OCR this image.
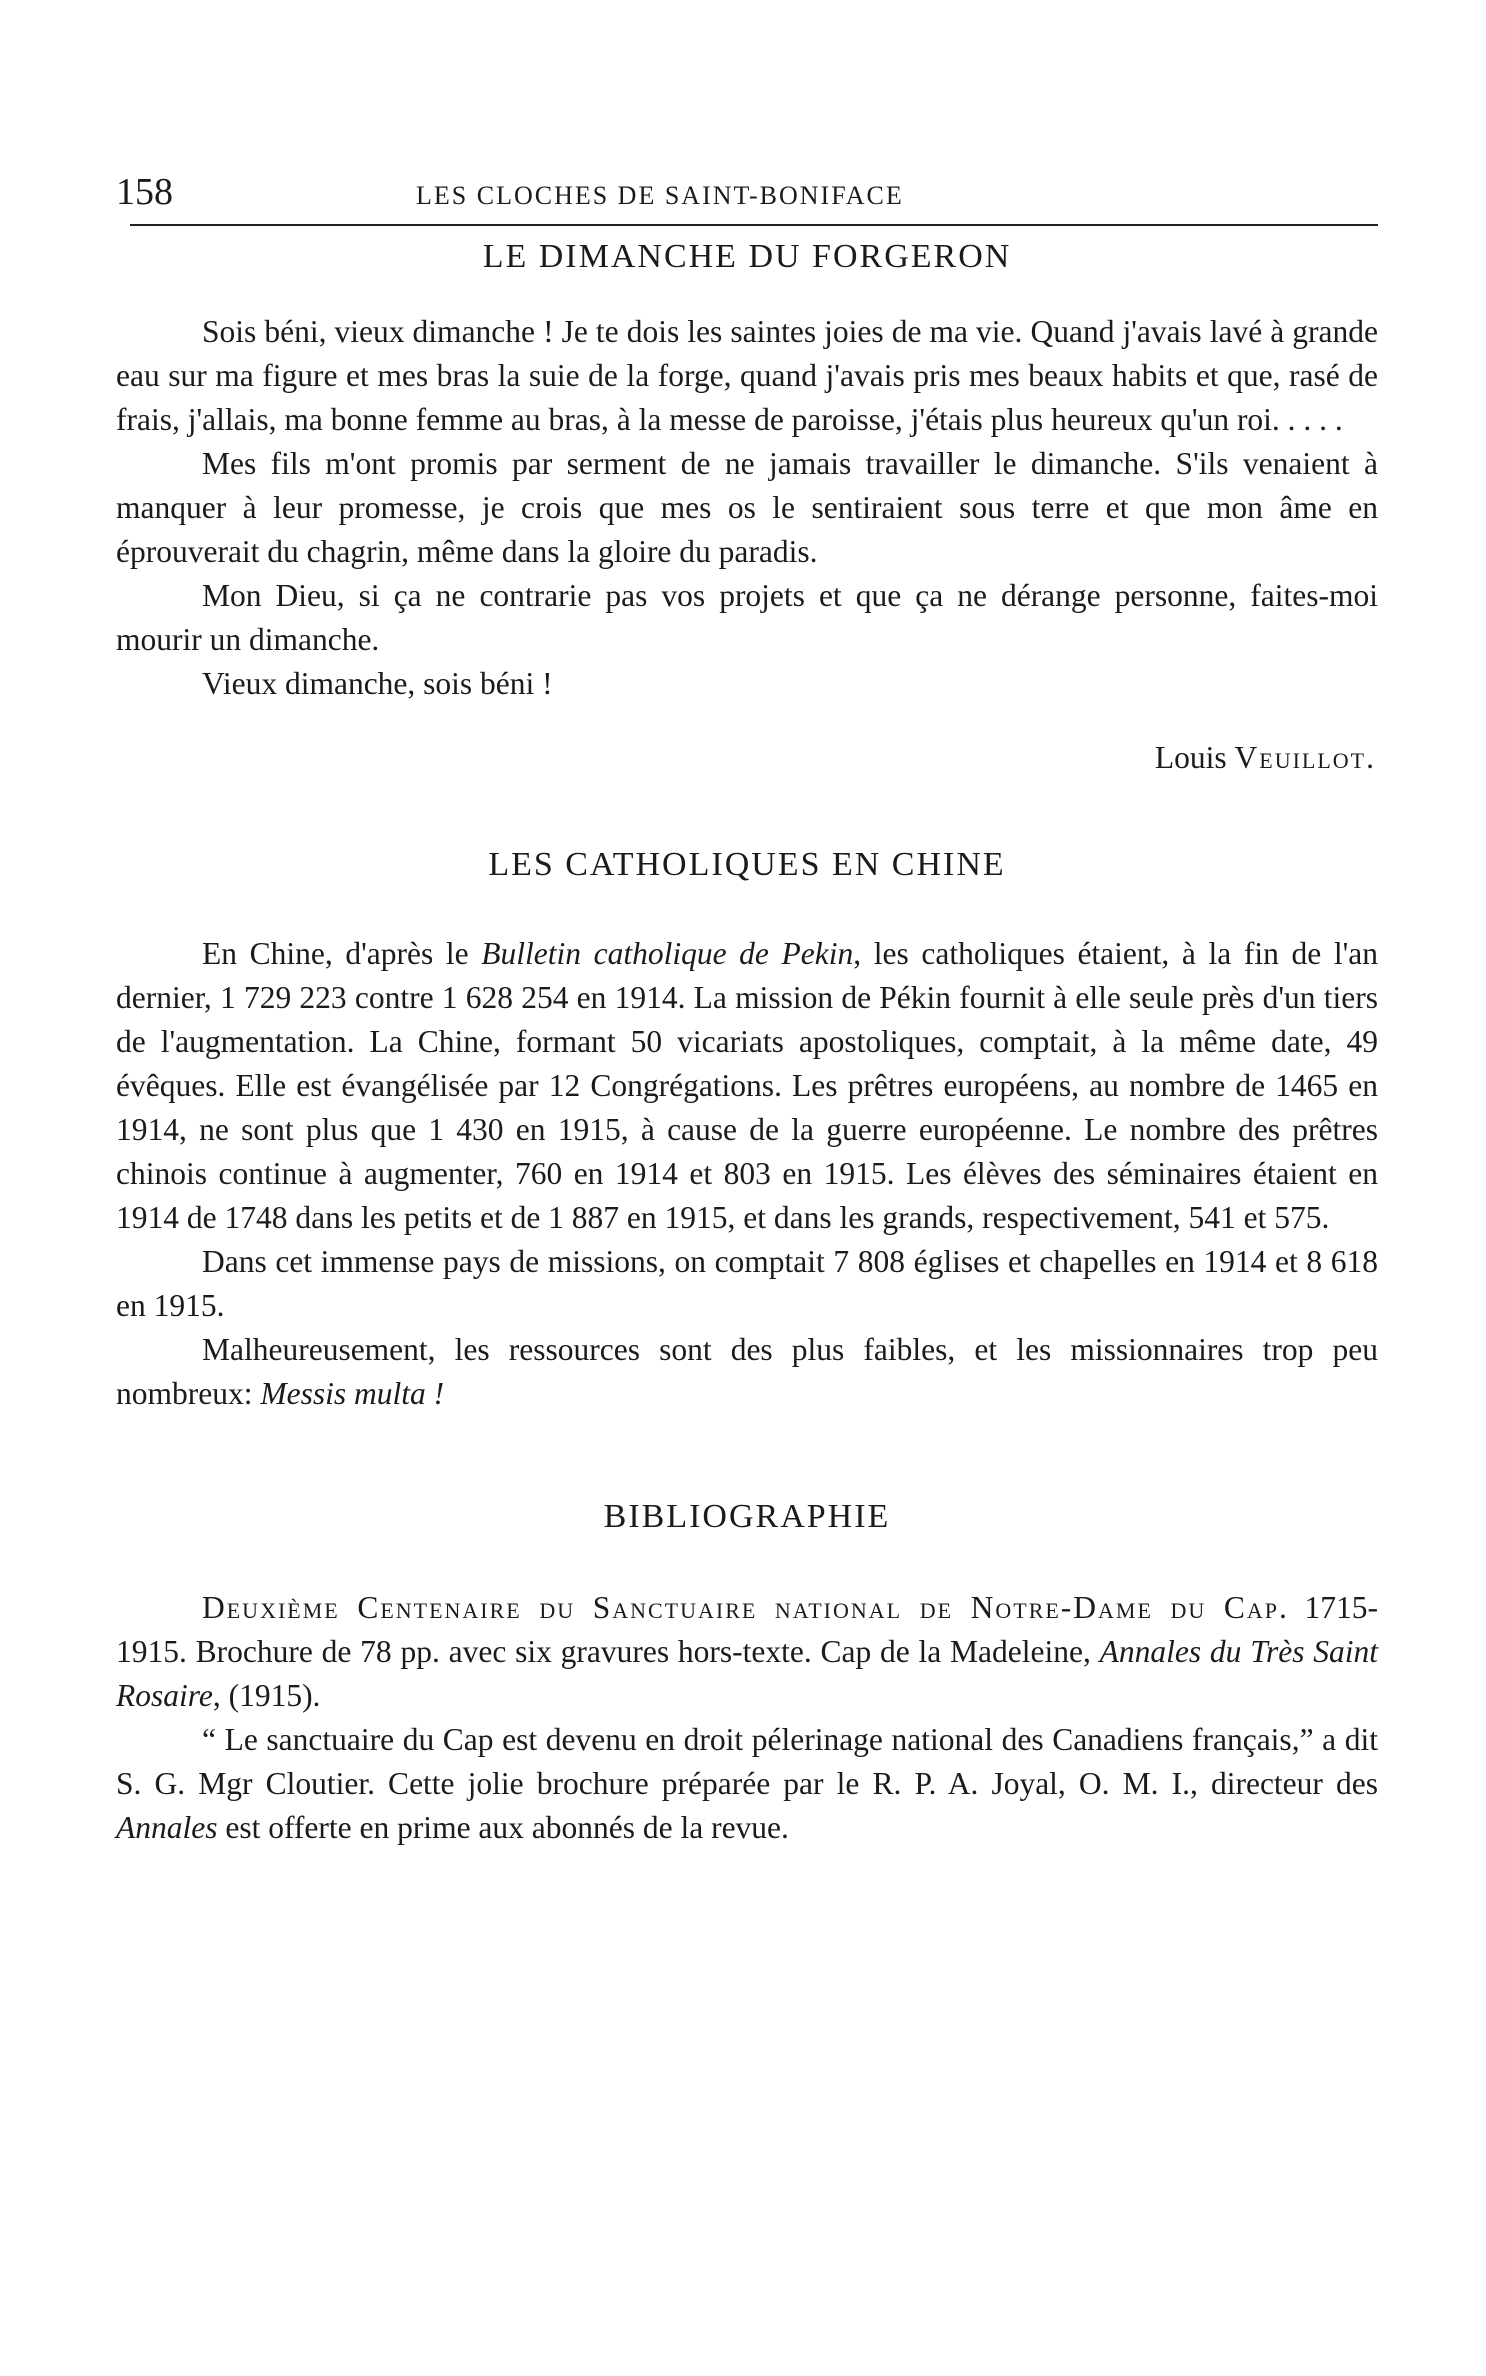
158	LES CLOCHES DE SAINT-BONIFACE
LE DIMANCHE DU FORGERON

Sois béni, vieux dimanche ! Je te dois les saintes joies de ma vie. Quand j'avais lavé à grande eau sur ma figure et mes bras la suie de la forge, quand j'avais pris mes beaux habits et que, rasé de frais, j'allais, ma bonne femme au bras, à la messe de paroisse, j'étais plus heureux qu'un roi. . . . .

Mes fils m'ont promis par serment de ne jamais travailler le dimanche. S'ils venaient à manquer à leur promesse, je crois que mes os le sentiraient sous terre et que mon âme en éprouverait du chagrin, même dans la gloire du paradis.

Mon Dieu, si ça ne contrarie pas vos projets et que ça ne dérange personne, faites-moi mourir un dimanche.

Vieux dimanche, sois béni !

Louis Veuillot.
LES CATHOLIQUES EN CHINE

En Chine, d'après le Bulletin catholique de Pekin, les catholiques étaient, à la fin de l'an dernier, 1 729 223 contre 1 628 254 en 1914. La mission de Pékin fournit à elle seule près d'un tiers de l'augmentation. La Chine, formant 50 vicariats apostoliques, comptait, à la même date, 49 évêques. Elle est évangélisée par 12 Congrégations. Les prêtres européens, au nombre de 1465 en 1914, ne sont plus que 1 430 en 1915, à cause de la guerre européenne. Le nombre des prêtres chinois continue à augmenter, 760 en 1914 et 803 en 1915. Les élèves des séminaires étaient en 1914 de 1748 dans les petits et de 1 887 en 1915, et dans les grands, respectivement, 541 et 575.

Dans cet immense pays de missions, on comptait 7 808 églises et chapelles en 1914 et 8 618 en 1915.

Malheureusement, les ressources sont des plus faibles, et les missionnaires trop peu nombreux: Messis multa !

BIBLIOGRAPHIE

Deuxième Centenaire du Sanctuaire national de Notre-Dame du Cap. 1715-1915. Brochure de 78 pp. avec six gravures hors-texte. Cap de la Madeleine, Annales du Très Saint Rosaire, (1915).

“ Le sanctuaire du Cap est devenu en droit pélerinage national des Canadiens français,” a dit S. G. Mgr Cloutier. Cette jolie brochure préparée par le R. P. A. Joyal, O. M. I., directeur des Annales est offerte en prime aux abonnés de la revue.
